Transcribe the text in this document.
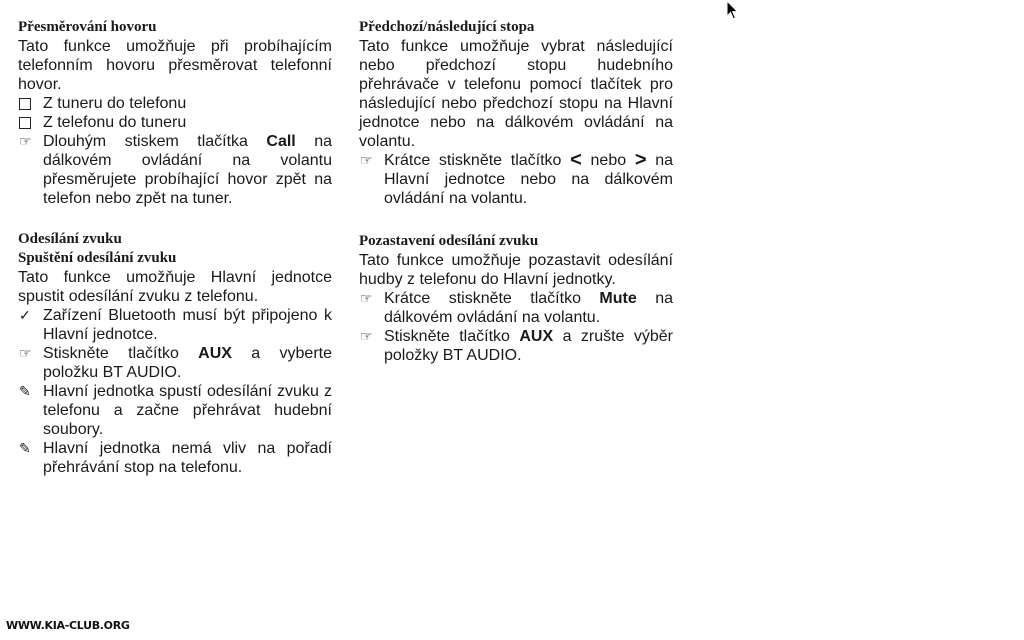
Přesměrování hovoru

Tato funkce umožňuje při probíhajícím telefonním hovoru přesměrovat telefonní hovor.

Z tuneru do telefonu
Z telefonu do tuneru
☞ Dlouhým stiskem tlačítka Call na dálkovém ovládání na volantu přesměrujete probíhající hovor zpět na telefon nebo zpět na tuner.
Odesílání zvuku
Spuštění odesílání zvuku

Tato funkce umožňuje Hlavní jednotce spustit odesílání zvuku z telefonu.

✓ Zařízení Bluetooth musí být připojeno k Hlavní jednotce.
☞ Stiskněte tlačítko AUX a vyberte položku BT AUDIO.
✎ Hlavní jednotka spustí odesílání zvuku z telefonu a začne přehrávat hudební soubory.
✎ Hlavní jednotka nemá vliv na pořadí přehrávání stop na telefonu.
Předchozí/následující stopa

Tato funkce umožňuje vybrat následující nebo předchozí stopu hudebního přehrávače v telefonu pomocí tlačítek pro následující nebo předchozí stopu na Hlavní jednotce nebo na dálkovém ovládání na volantu.

☞ Krátce stiskněte tlačítko < nebo > na Hlavní jednotce nebo na dálkovém ovládání na volantu.
Pozastavení odesílání zvuku

Tato funkce umožňuje pozastavit odesílání hudby z telefonu do Hlavní jednotky.

☞ Krátce stiskněte tlačítko Mute na dálkovém ovládání na volantu.
☞ Stiskněte tlačítko AUX a zrušte výběr položky BT AUDIO.
WWW.KIA-CLUB.ORG
